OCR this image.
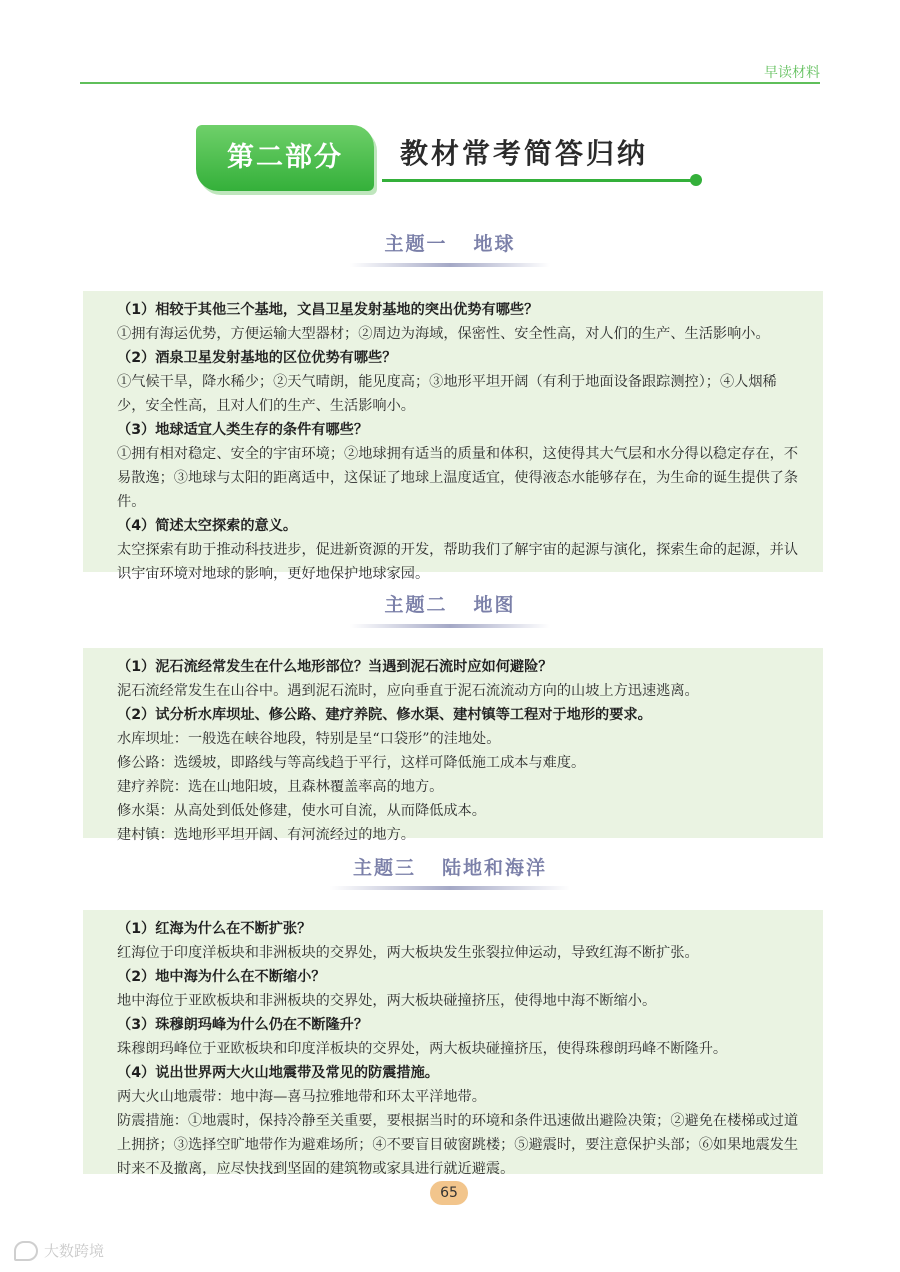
早读材料
第二部分	教材常考简答归纳
主题一 地球
（1）相较于其他三个基地，文昌卫星发射基地的突出优势有哪些？
①拥有海运优势，方便运输大型器材；②周边为海域，保密性、安全性高，对人们的生产、生活影响小。
（2）酒泉卫星发射基地的区位优势有哪些？
①气候干旱，降水稀少；②天气晴朗，能见度高；③地形平坦开阔（有利于地面设备跟踪测控）；④人烟稀少，安全性高，且对人们的生产、生活影响小。
（3）地球适宜人类生存的条件有哪些？
①拥有相对稳定、安全的宇宙环境；②地球拥有适当的质量和体积，这使得其大气层和水分得以稳定存在，不易散逸；③地球与太阳的距离适中，这保证了地球上温度适宜，使得液态水能够存在，为生命的诞生提供了条件。
（4）简述太空探索的意义。
太空探索有助于推动科技进步，促进新资源的开发，帮助我们了解宇宙的起源与演化，探索生命的起源，并认识宇宙环境对地球的影响，更好地保护地球家园。
主题二 地图
（1）泥石流经常发生在什么地形部位？当遇到泥石流时应如何避险？
泥石流经常发生在山谷中。遇到泥石流时，应向垂直于泥石流流动方向的山坡上方迅速逃离。
（2）试分析水库坝址、修公路、建疗养院、修水渠、建村镇等工程对于地形的要求。
水库坝址：一般选在峡谷地段，特别是呈“口袋形”的洼地处。
修公路：选缓坡，即路线与等高线趋于平行，这样可降低施工成本与难度。
建疗养院：选在山地阳坡，且森林覆盖率高的地方。
修水渠：从高处到低处修建，使水可自流，从而降低成本。
建村镇：选地形平坦开阔、有河流经过的地方。
主题三 陆地和海洋
（1）红海为什么在不断扩张？
红海位于印度洋板块和非洲板块的交界处，两大板块发生张裂拉伸运动，导致红海不断扩张。
（2）地中海为什么在不断缩小？
地中海位于亚欧板块和非洲板块的交界处，两大板块碰撞挤压，使得地中海不断缩小。
（3）珠穆朗玛峰为什么仍在不断隆升？
珠穆朗玛峰位于亚欧板块和印度洋板块的交界处，两大板块碰撞挤压，使得珠穆朗玛峰不断隆升。
（4）说出世界两大火山地震带及常见的防震措施。
两大火山地震带：地中海—喜马拉雅地带和环太平洋地带。
防震措施：①地震时，保持冷静至关重要，要根据当时的环境和条件迅速做出避险决策；②避免在楼梯或过道上拥挤；③选择空旷地带作为避难场所；④不要盲目破窗跳楼；⑤避震时，要注意保护头部；⑥如果地震发生时来不及撤离，应尽快找到坚固的建筑物或家具进行就近避震。
65
大数跨境
